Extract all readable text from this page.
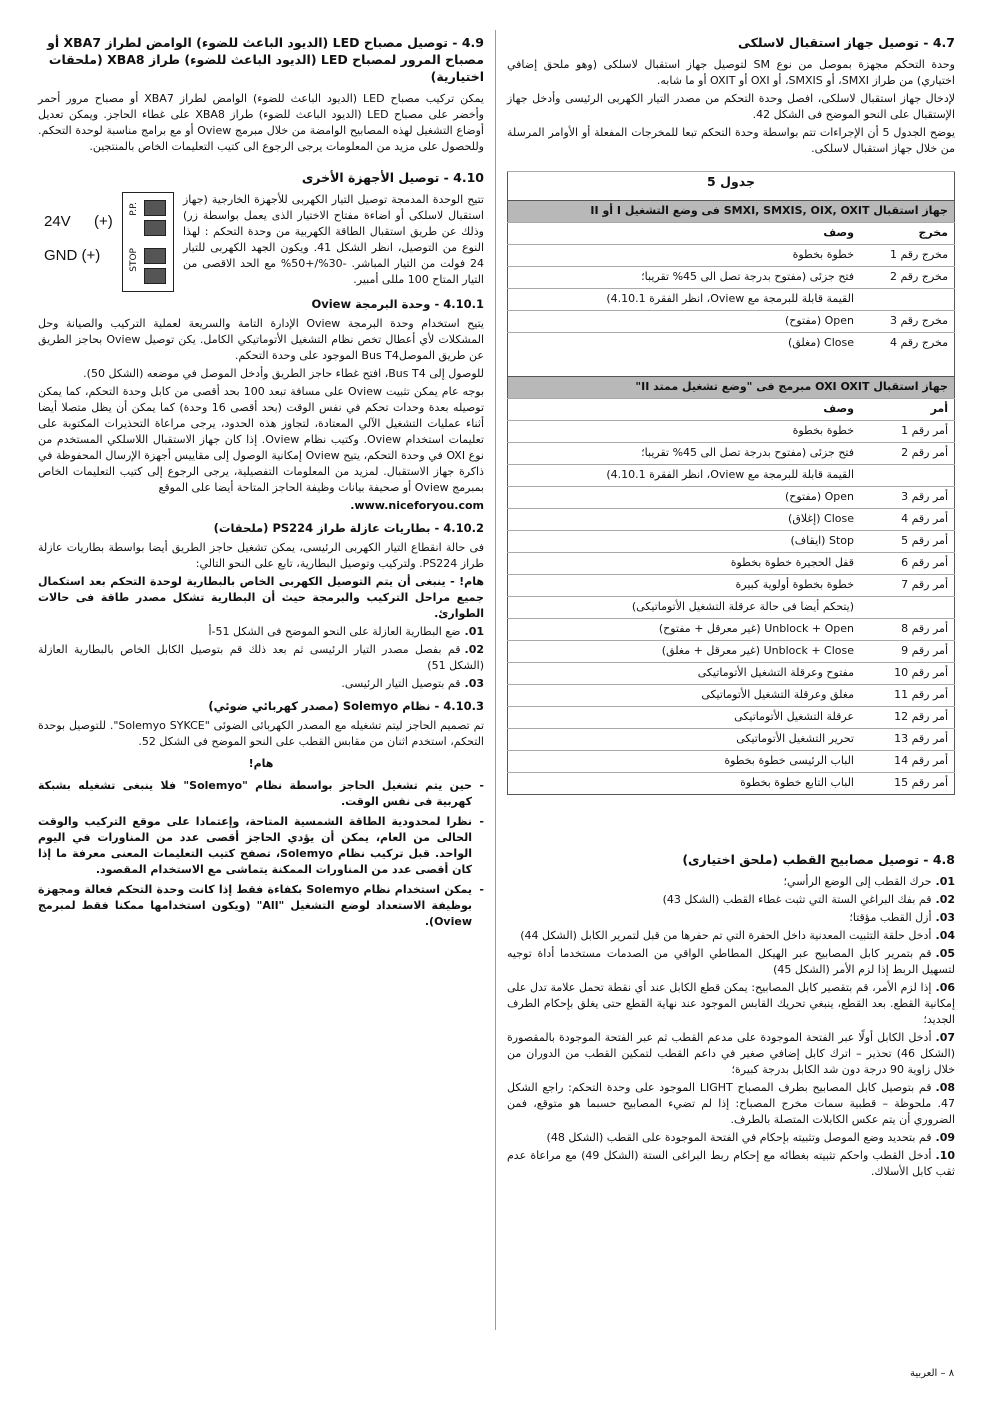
4.7 - توصيل جهاز استقبال لاسلكى

وحدة التحكم مجهزة بموصل من نوع SM لتوصيل جهاز استقبال لاسلكى (وهو ملحق إضافي اختياري) من طراز SMXI، أو SMXIS، أو OXI أو OXIT أو ما شابه.

لإدخال جهاز استقبال لاسلكى، افصل وحدة التحكم من مصدر التيار الكهربى الرئيسى وأدخل جهاز الإستقبال على النحو الموضح فى الشكل 42.

يوضح الجدول 5 أن الإجراءات تتم بواسطة وحدة التحكم تبعا للمخرجات المفعلة أو الأوامر المرسلة من خلال جهاز استقبال لاسلكى.

جدول 5	
جهاز استقبال SMXI, SMXIS, OIX, OXIT فى وضع التشغيل I أو II	
مخرج	وصف
مخرج رقم 1	خطوة بخطوة
مخرج رقم 2	فتح جزئى (مفتوح بدرجة تصل الى 45% تقريبا؛
	القيمة قابلة للبرمجة مع Oview، انظر الفقرة 4.10.1)
مخرج رقم 3	Open (مفتوح)
مخرج رقم 4	Close (مغلق)

جهاز استقبال OXI OXIT مبرمج فى "وضع تشغيل ممتد II"	
أمر	وصف
أمر رقم 1	خطوة بخطوة
أمر رقم 2	فتح جزئى (مفتوح بدرجة تصل الى 45% تقريبا؛
	القيمة قابلة للبرمجة مع Oview، انظر الفقرة 4.10.1)
أمر رقم 3	Open (مفتوح)
أمر رقم 4	Close (إغلاق)
أمر رقم 5	Stop (ايقاف)
أمر رقم 6	قفل الحجيرة خطوة بخطوة
أمر رقم 7	خطوة بخطوة أولوية كبيرة
	(يتحكم أيضا فى حالة عرقلة التشغيل الأتوماتيكى)
أمر رقم 8	Unblock + Open (غير معرقل + مفتوح)
أمر رقم 9	Unblock + Close (غير معرقل + مغلق)
أمر رقم 10	مفتوح وعرقلة التشغيل الأتوماتيكى
أمر رقم 11	مغلق وعرقلة التشغيل الأتوماتيكى
أمر رقم 12	عرقلة التشغيل الأتوماتيكى
أمر رقم 13	تحرير التشغيل الأتوماتيكى
أمر رقم 14	الباب الرئيسى خطوة بخطوة
أمر رقم 15	الباب التابع خطوة بخطوة
4.8 - توصيل مصابيح القطب (ملحق اختيارى)

01.حرك القطب إلى الوضع الرأسي؛

02.قم بفك البراغي الستة التي تثبت غطاء القطب (الشكل 43)

03.أزل القطب مؤقتا؛

04.أدخل حلقة التثبيت المعدنية داخل الحفرة التي تم حفرها من قبل لتمرير الكابل (الشكل 44)

05.قم بتمرير كابل المصابيح عبر الهيكل المطاطي الواقي من الصدمات مستخدما أداة توجيه لتسهيل الربط إذا لزم الأمر (الشكل 45)

06.إذا لزم الأمر، قم بتقصير كابل المصابيح: يمكن قطع الكابل عند أي نقطة تحمل علامة تدل على إمكانية القطع. بعد القطع، ينبغي تحريك القابس الموجود عند نهاية القطع حتى يغلق بإحكام الطرف الجديد؛

07.أدخل الكابل أولًا عبر الفتحة الموجودة على مدعم القطب ثم عبر الفتحة الموجودة بالمقصورة (الشكل 46) تحذير – اترك كابل إضافي صغير في داعم القطب لتمكين القطب من الدوران من خلال زاوية 90 درجة دون شد الكابل بدرجة كبيرة؛

08.قم بتوصيل كابل المصابيح بطرف المصباح LIGHT الموجود على وحدة التحكم: راجع الشكل 47. ملحوظة – قطبية سمات مخرج المصباح: إذا لم تضيء المصابيح حسبما هو متوقع، فمن الضروري أن يتم عكس الكابلات المتصلة بالطرف.

09.قم بتحديد وضع الموصل وتثبيته بإحكام في الفتحة الموجودة على القطب (الشكل 48)

10.أدخل القطب واحكم تثبيته بغطائه مع إحكام ربط البراغى الستة (الشكل 49) مع مراعاة عدم ثقب كابل الأسلاك.

4.9 - توصيل مصباح LED (الديود الباعث للضوء) الوامض لطراز XBA7 أو مصباح المرور لمصباح LED (الديود الباعث للضوء) طراز XBA8 (ملحقات اختيارية)

يمكن تركيب مصباح LED (الديود الباعث للضوء) الوامض لطراز XBA7 أو مصباح مرور أحمر وأخضر على مصباح LED (الديود الباعث للضوء) طراز XBA8 على غطاء الحاجز. ويمكن تعديل أوضاع التشغيل لهذه المصابيح الوامضة من خلال مبرمج Oview أو مع برامج مناسبة لوحدة التحكم. وللحصول على مزيد من المعلومات يرجى الرجوع الى كتيب التعليمات الخاص بالمنتجين.

4.10 - توصيل الأجهزة الأخرى
24V (+)
GND (+)
P.P.
STOP

تتيح الوحدة المدمجة توصيل التيار الكهربى للأجهزة الخارجية (جهاز استقبال لاسلكى أو اضاءة مفتاح الاختيار الذى يعمل بواسطة زر) وذلك عن طريق استقبال الطاقة الكهربية من وحدة التحكم : لهذا النوع من التوصيل، انظر الشكل 41. ويكون الجهد الكهربى للتيار 24 فولت من التيار المباشر. -30%/+50% مع الحد الاقصى من التيار المتاح 100 مللى أمبير.

4.10.1 - وحدة البرمجة Oview

يتيح استخدام وحدة البرمجة Oview الإدارة التامة والسريعة لعملية التركيب والصيانة وحل المشكلات لأي أعطال تخص نظام التشغيل الأتوماتيكي الكامل. يكن توصيل Oview بحاجز الطريق عن طريق الموصلBus T4 الموجود على وحدة التحكم.

للوصول إلى Bus T4، افتح غطاء حاجز الطريق وأدخل الموصل في موضعه (الشكل 50).

بوجه عام يمكن تثبيت Oview على مسافة تبعد 100 بحد أقصى من كابل وحدة التحكم، كما يمكن توصيله بعدة وحدات تحكم في نفس الوقت (بحد أقصى 16 وحدة) كما يمكن أن يظل متصلا أيضا أثناء عمليات التشغيل الآلي المعتادة، لتجاوز هذه الحدود، يرجى مراعاة التحذيرات المكتوبة على تعليمات استخدام Oview. وكتيب نظام Oview. إذا كان جهاز الاستقبال اللاسلكي المستخدم من نوع OXI في وحدة التحكم، يتيح Oview إمكانية الوصول إلى مقاييس أجهزة الإرسال المحفوظة في ذاكرة جهاز الاستقبال. لمزيد من المعلومات التفصيلية، يرجى الرجوع إلى كتيب التعليمات الخاص بمبرمج Oview أو صحيفة بيانات وظيفة الحاجز المتاحة أيضا على الموقع

www.niceforyou.com.

4.10.2 - بطاريات عازلة طراز PS224 (ملحقات)

فى حالة انقطاع التيار الكهربى الرئيسى، يمكن تشغيل حاجز الطريق أيضا بواسطة بطاريات عازلة طراز PS224. ولتركيب وتوصيل البطارية، تابع على النحو التالي:

هام! - ينبغى أن يتم التوصيل الكهربى الخاص بالبطارية لوحدة التحكم بعد استكمال جميع مراحل التركيب والبرمجة حيث أن البطارية تشكل مصدر طاقة فى حالات الطوارئ.

01.ضع البطارية العازلة على النحو الموضح فى الشكل 51-أ

02.قم بفصل مصدر التيار الرئيسى ثم بعد ذلك قم بتوصيل الكابل الخاص بالبطارية العازلة (الشكل 51)

03.قم بتوصيل التيار الرئيسى.

4.10.3 - نظام Solemyo (مصدر كهربائي ضوئي)

تم تصميم الحاجز ليتم تشغيله مع المصدر الكهربائى الضوئى "Solemyo SYKCE". للتوصيل بوحدة التحكم، استخدم اثنان من مقابس القطب على النحو الموضح فى الشكل 52.

هام!

- حين يتم تشغيل الحاجز بواسطة نظام "Solemyo" فلا ينبغى تشغيله بشبكة كهربية فى نفس الوقت.
- نظرا لمحدودية الطاقة الشمسية المتاحة، وإعتمادا على موقع التركيب والوقت الحالى من العام، يمكن أن يؤدي الحاجز أقصى عدد من المناورات في اليوم الواحد. قبل تركيب نظام Solemyo، تصفح كتيب التعليمات المعنى معرفة ما إذا كان أقصى عدد من المناورات الممكنة يتماشى مع الاستخدام المقصود.
- يمكن استخدام نظام Solemyo بكفاءة فقط إذا كانت وحدة التحكم فعالة ومجهزة بوظيفة الاستعداد لوضع التشغيل "All" (ويكون استخدامها ممكنا فقط لمبرمج Oview).
٨ – العربية
